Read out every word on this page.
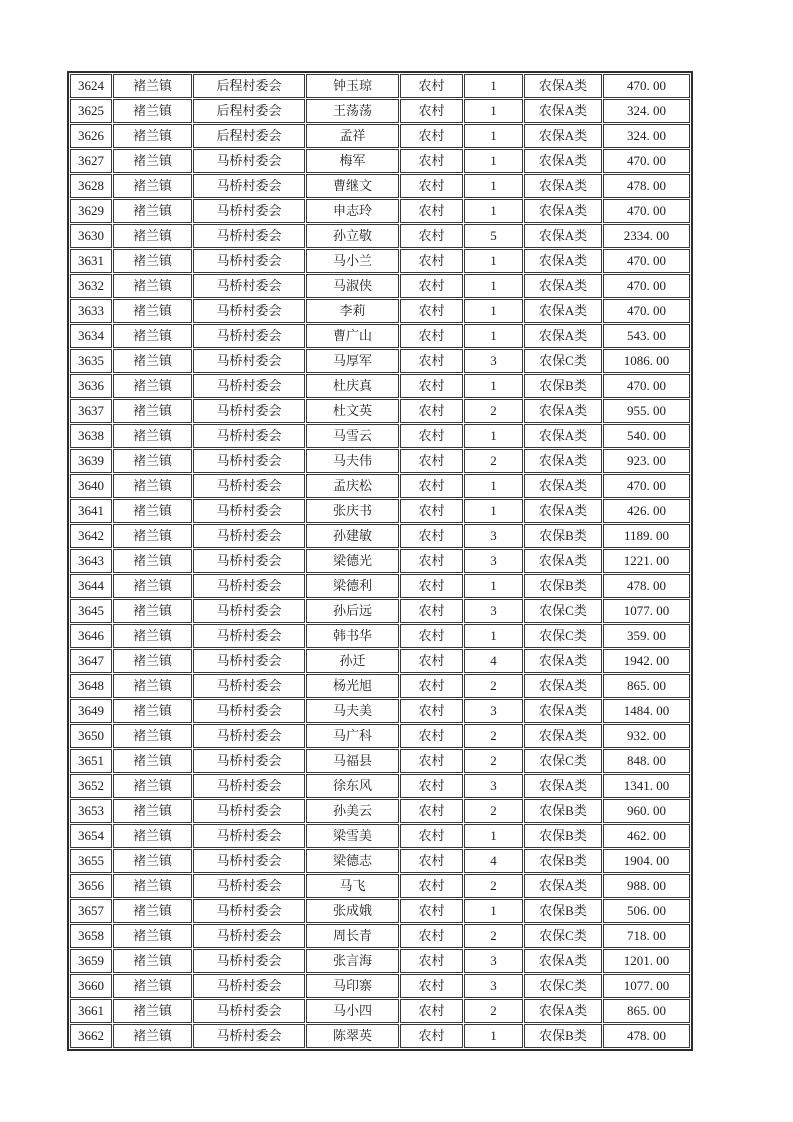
3624	褚兰镇	后程村委会	钟玉琼	农村	1	农保A类	470. 00
3625	褚兰镇	后程村委会	王荡荡	农村	1	农保A类	324. 00
3626	褚兰镇	后程村委会	孟祥	农村	1	农保A类	324. 00
3627	褚兰镇	马桥村委会	梅军	农村	1	农保A类	470. 00
3628	褚兰镇	马桥村委会	曹继文	农村	1	农保A类	478. 00
3629	褚兰镇	马桥村委会	申志玲	农村	1	农保A类	470. 00
3630	褚兰镇	马桥村委会	孙立敬	农村	5	农保A类	2334. 00
3631	褚兰镇	马桥村委会	马小兰	农村	1	农保A类	470. 00
3632	褚兰镇	马桥村委会	马淑侠	农村	1	农保A类	470. 00
3633	褚兰镇	马桥村委会	李莉	农村	1	农保A类	470. 00
3634	褚兰镇	马桥村委会	曹广山	农村	1	农保A类	543. 00
3635	褚兰镇	马桥村委会	马厚军	农村	3	农保C类	1086. 00
3636	褚兰镇	马桥村委会	杜庆真	农村	1	农保B类	470. 00
3637	褚兰镇	马桥村委会	杜文英	农村	2	农保A类	955. 00
3638	褚兰镇	马桥村委会	马雪云	农村	1	农保A类	540. 00
3639	褚兰镇	马桥村委会	马夫伟	农村	2	农保A类	923. 00
3640	褚兰镇	马桥村委会	孟庆松	农村	1	农保A类	470. 00
3641	褚兰镇	马桥村委会	张庆书	农村	1	农保A类	426. 00
3642	褚兰镇	马桥村委会	孙建敏	农村	3	农保B类	1189. 00
3643	褚兰镇	马桥村委会	梁德光	农村	3	农保A类	1221. 00
3644	褚兰镇	马桥村委会	梁德利	农村	1	农保B类	478. 00
3645	褚兰镇	马桥村委会	孙后远	农村	3	农保C类	1077. 00
3646	褚兰镇	马桥村委会	韩书华	农村	1	农保C类	359. 00
3647	褚兰镇	马桥村委会	孙迁	农村	4	农保A类	1942. 00
3648	褚兰镇	马桥村委会	杨光旭	农村	2	农保A类	865. 00
3649	褚兰镇	马桥村委会	马夫美	农村	3	农保A类	1484. 00
3650	褚兰镇	马桥村委会	马广科	农村	2	农保A类	932. 00
3651	褚兰镇	马桥村委会	马福县	农村	2	农保C类	848. 00
3652	褚兰镇	马桥村委会	徐东风	农村	3	农保A类	1341. 00
3653	褚兰镇	马桥村委会	孙美云	农村	2	农保B类	960. 00
3654	褚兰镇	马桥村委会	梁雪美	农村	1	农保B类	462. 00
3655	褚兰镇	马桥村委会	梁德志	农村	4	农保B类	1904. 00
3656	褚兰镇	马桥村委会	马飞	农村	2	农保A类	988. 00
3657	褚兰镇	马桥村委会	张成娥	农村	1	农保B类	506. 00
3658	褚兰镇	马桥村委会	周长青	农村	2	农保C类	718. 00
3659	褚兰镇	马桥村委会	张言海	农村	3	农保A类	1201. 00
3660	褚兰镇	马桥村委会	马印寨	农村	3	农保C类	1077. 00
3661	褚兰镇	马桥村委会	马小四	农村	2	农保A类	865. 00
3662	褚兰镇	马桥村委会	陈翠英	农村	1	农保B类	478. 00
